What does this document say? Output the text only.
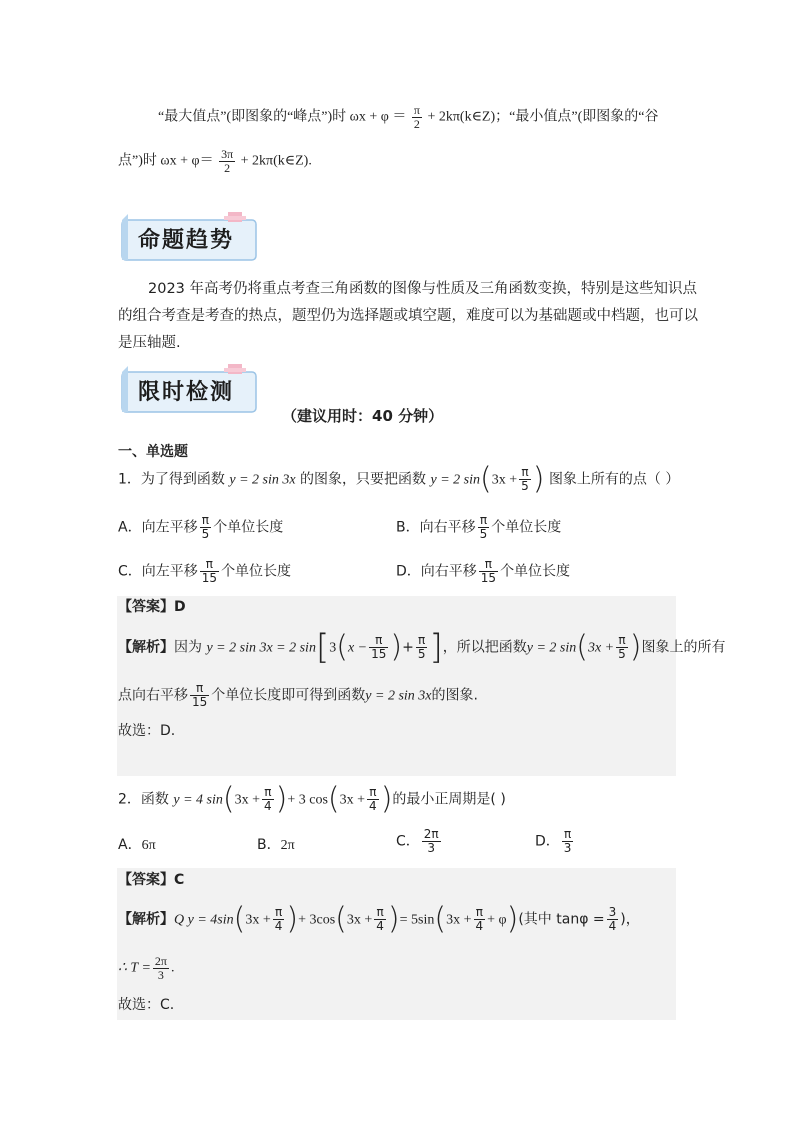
“最大值点”(即图象的“峰点”)时 $\omega x + \varphi = \frac{\pi}{2}$ + 2kπ(k∈Z)；“最小值点”(即图象的“谷
点”)时 $\omega x + \varphi= \frac{3\pi}{2}$ + 2kπ(k∈Z).
命题趋势
2023 年高考仍将重点考查三角函数的图像与性质及三角函数变换，特别是这些知识点
的组合考查是考查的热点，题型仍为选择题或填空题，难度可以为基础题或中档题，也可以
是压轴题.
限时检测
（建议用时：40 分钟）
一、单选题
1．为了得到函数 y = 2 sin 3x 的图象，只要把函数 y = 2 $\sin(3x + \frac{\pi}{5}$ ) 图象上所有的点（ ）
A．向左平移 $\frac{\pi}{5}$ 个单位长度	B．向右平移 $\frac{\pi}{5}$ 个单位长度
C．向左平移 $\frac{\pi}{15}$ 个单位长度	D．向右平移 $\frac{\pi}{15}$ 个单位长度
【答案】D
【解析】因为 y = 2 sin 3x = 2 $\sin[3(x - \frac{\pi}{15}$ )+ $\frac{\pi}{5}$ ]，所以把函数y = 2 $\sin(3x + \frac{\pi}{5}$ )图象上的所有
点向右平移 $\frac{\pi}{15}$ 个单位长度即可得到函数y = 2 sin 3x的图象.
故选：D.
2．函数 y = 4 $\sin(3x + \frac{\pi}{4}$ )+ 3 $\cos(3x + \frac{\pi}{4}$ )的最小正周期是( )
A．6π	B．2π	C． $\frac{2\pi}{3}$	D． $\frac{\pi}{3}$
【答案】C
【解析】Q $y = 4\sin(3x + \frac{\pi}{4}$ )+ $3\cos(3x + \frac{\pi}{4}$ )= $5\sin(3x + \frac{\pi}{4} + \varphi)$(其中 $\tan\varphi = \frac{3}{4}$ )，
∴ $T = \frac{2\pi}{3}$ .
故选：C.
